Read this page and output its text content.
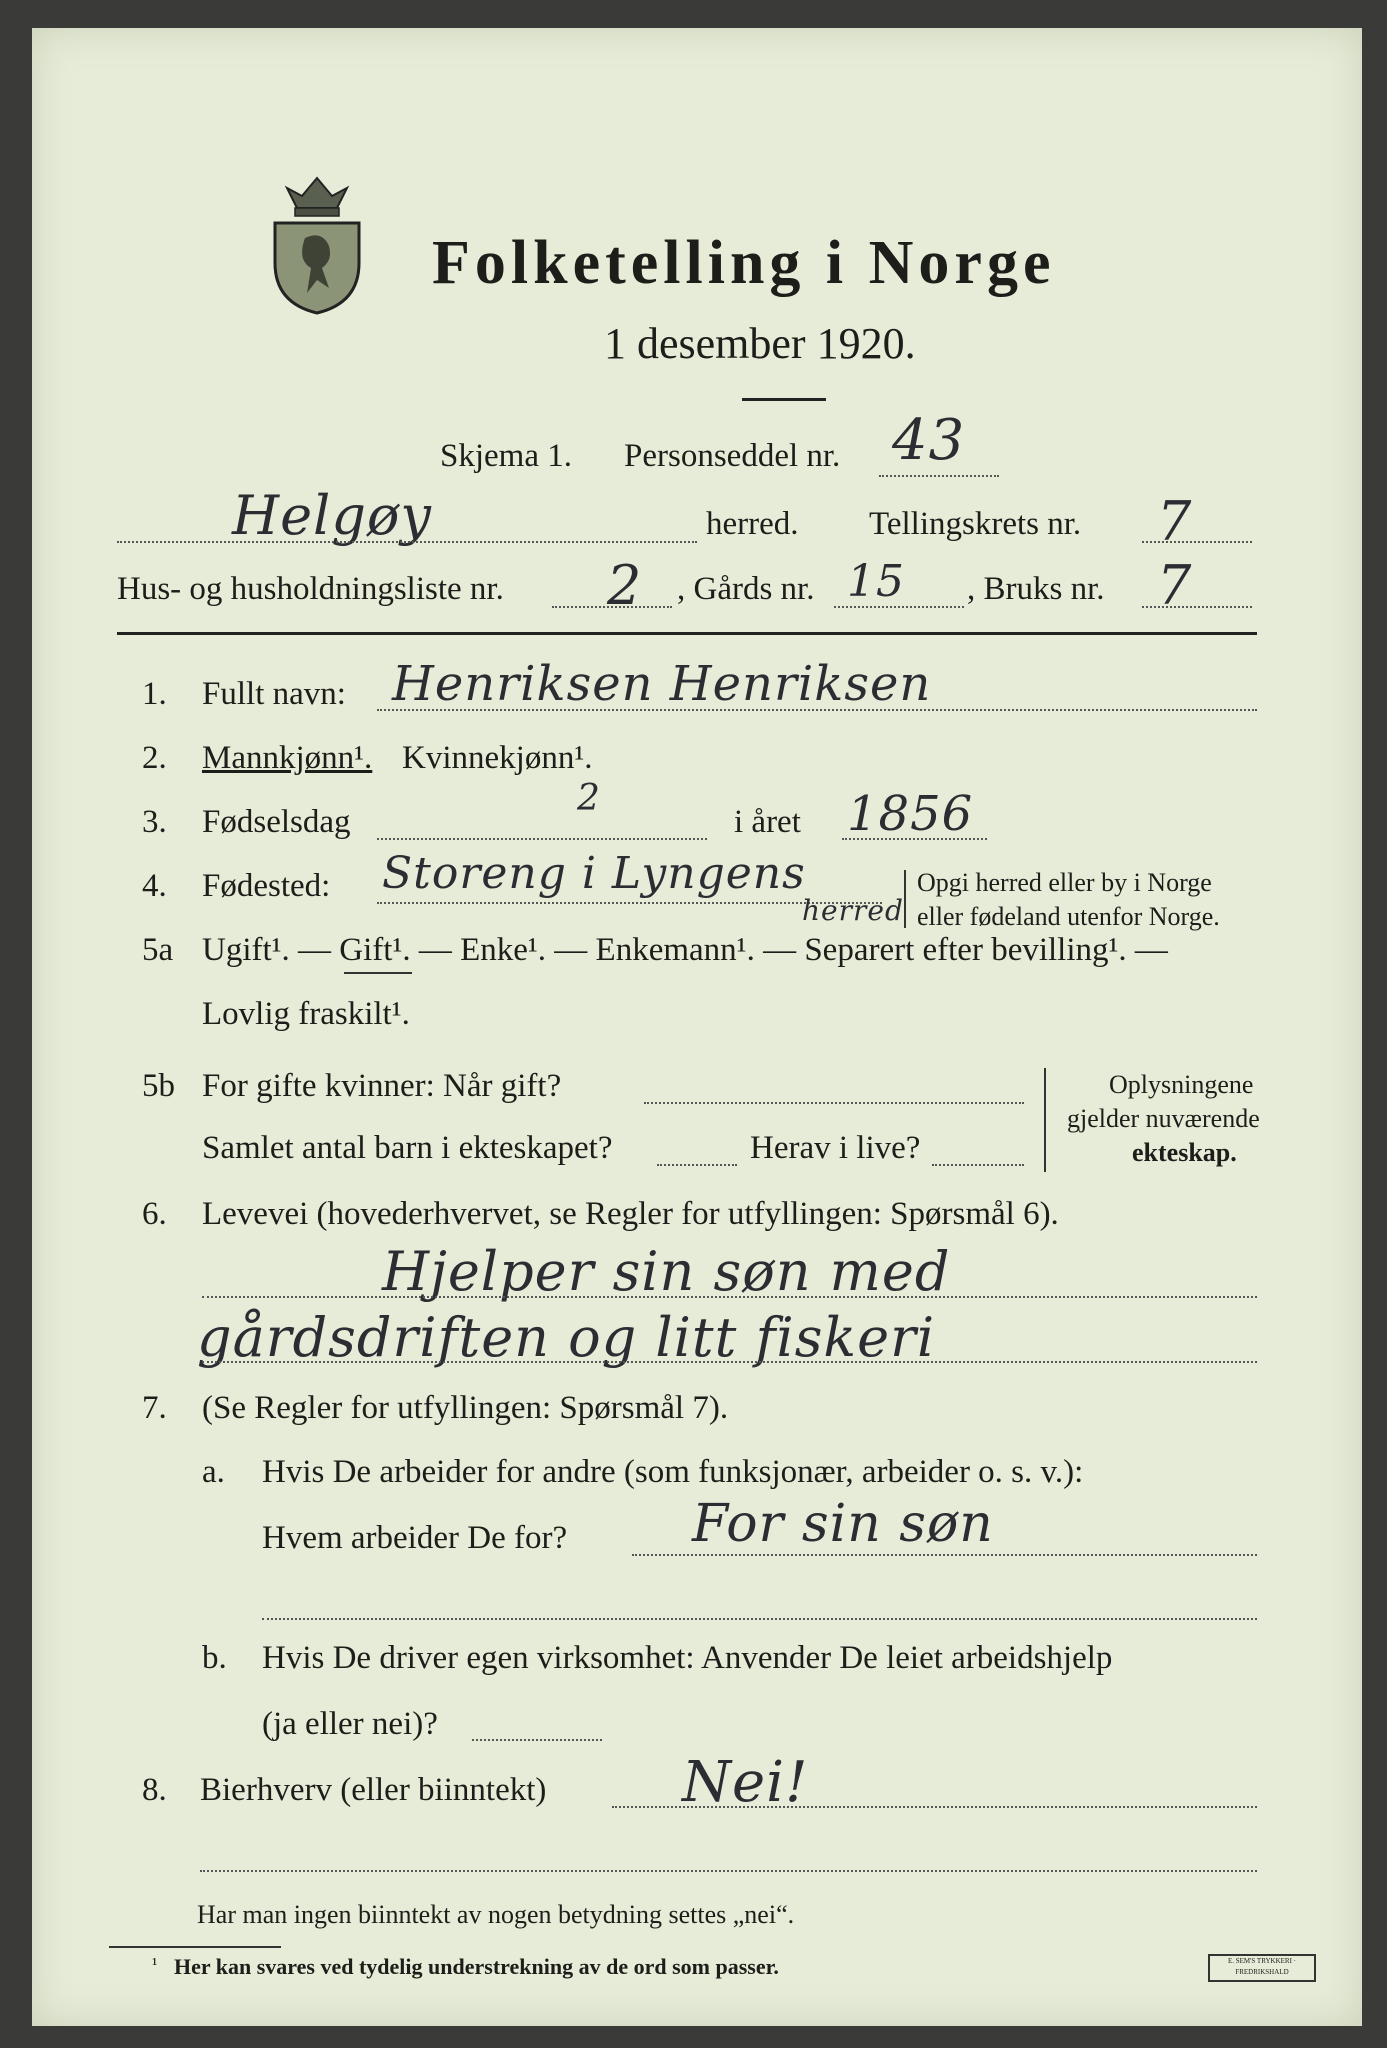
Folketelling i Norge
1 desember 1920.
Skjema 1. Personseddel nr. 43
Helgøy	herred. Tellingskrets nr. 7
Hus- og husholdningsliste nr. 2 , Gårds nr. 15 , Bruks nr. 7
1. Fullt navn: Henriksen Henriksen
2. Mannkjønn¹. Kvinnekjønn¹.
3. Fødselsdag
2
i året 1856
4. Fødested: Storeng i Lyngens
herred
Opgi herred eller by i Norge
eller fødeland utenfor Norge.
5a Ugift¹. — Gift¹. — Enke¹. — Enkemann¹. — Separert efter bevilling¹. —
Lovlig fraskilt¹.
5b For gifte kvinner: Når gift?
Samlet antal barn i ekteskapet?	Herav i live?
Oplysningene
gjelder nuværende
ekteskap.
6. Levevei (hovederhvervet, se Regler for utfyllingen: Spørsmål 6).
Hjelper sin søn med
gårdsdriften og litt fiskeri
7. (Se Regler for utfyllingen: Spørsmål 7).
a. Hvis De arbeider for andre (som funksjonær, arbeider o. s. v.):
Hvem arbeider De for? For sin søn
b. Hvis De driver egen virksomhet: Anvender De leiet arbeidshjelp
(ja eller nei)?
8. Bierhverv (eller biinntekt) Nei!
Har man ingen biinntekt av nogen betydning settes „nei“.
¹ Her kan svares ved tydelig understrekning av de ord som passer.	E. SEM'S TRYKKERI · FREDRIKSHALD
